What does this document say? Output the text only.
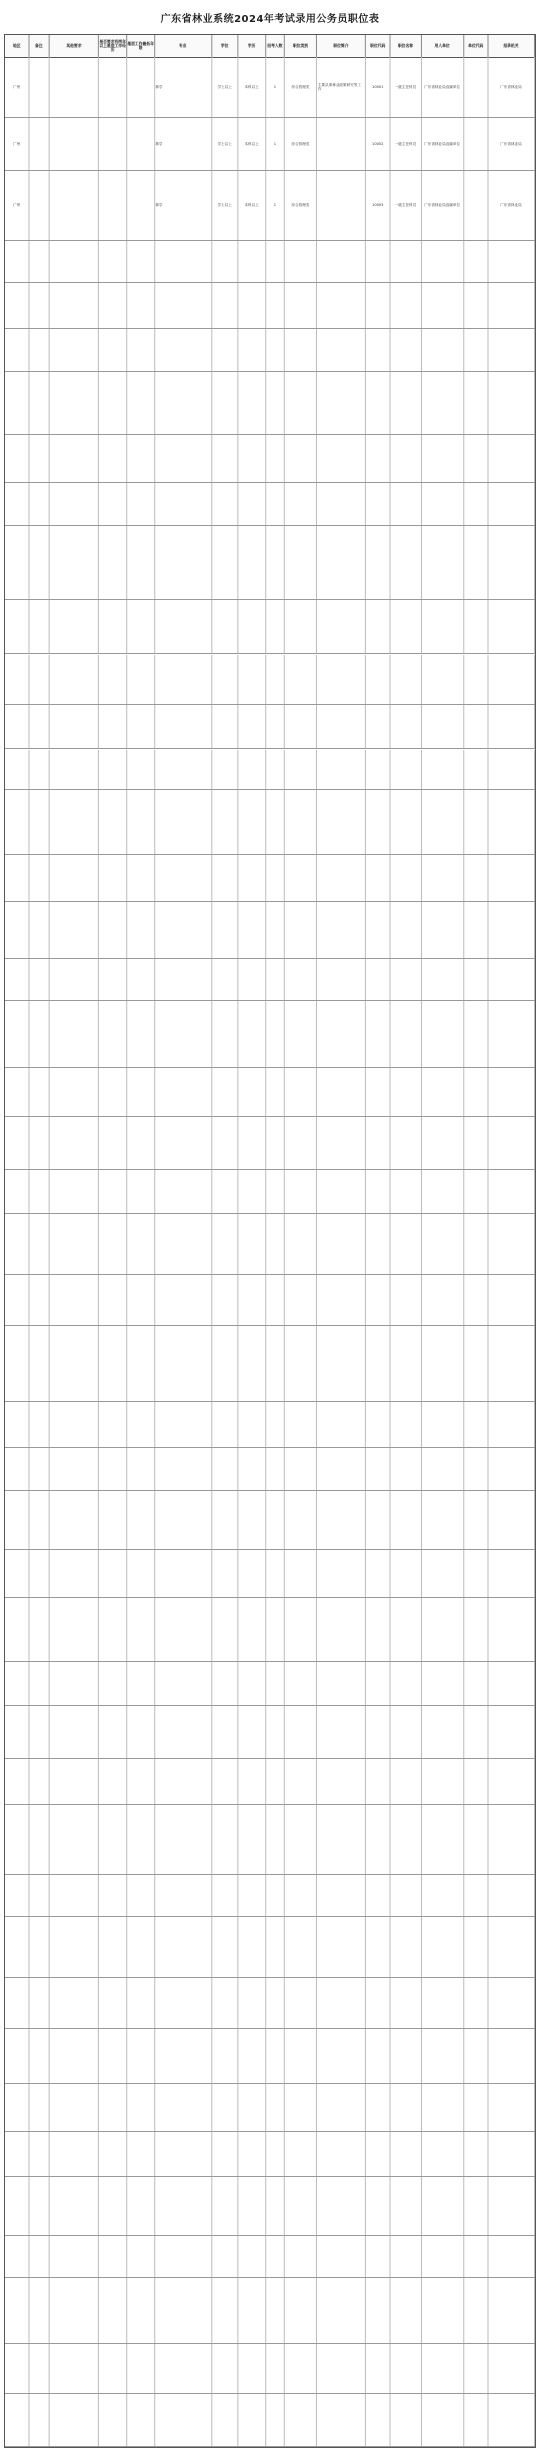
广东省林业系统2024年考试录用公务员职位表
招录机关
单位代码
用人单位
职位名称
职位代码
职位简介
职位类别
招考人数
学历
学位
专业
基层工作最低年限
是否要求有两年以上基层工作经历
其他要求
备注
地区
广东省林业局
广东省林业局直属单位
一级主任科员
10001
主要从事林业政策研究等工作
综合管理类
1
本科以上
学士以上
林学
广州
广东省林业局
广东省林业局直属单位
一级主任科员
10002
综合管理类
1
本科以上
学士以上
林学
广州
广东省林业局
广东省林业局直属单位
一级主任科员
10003
综合管理类
1
本科以上
学士以上
林学
广州
